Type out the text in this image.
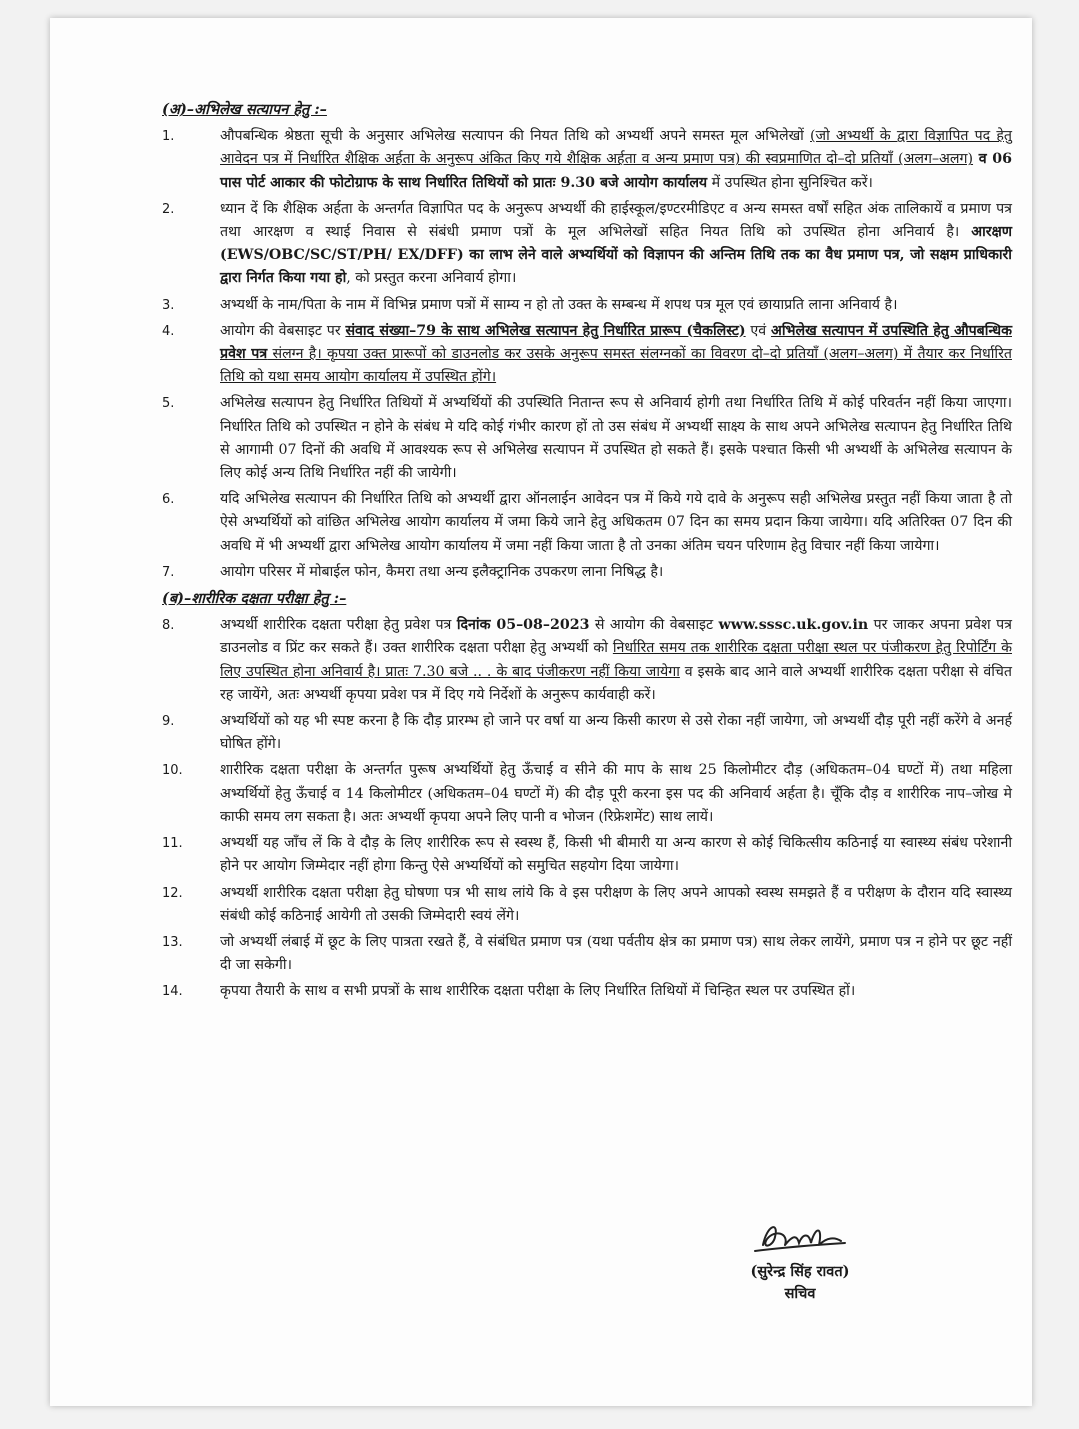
(अ)–अभिलेख सत्यापन हेतु :–
1.	औपबन्धिक श्रेष्ठता सूची के अनुसार अभिलेख सत्यापन की नियत तिथि को अभ्यर्थी अपने समस्त मूल अभिलेखों (जो अभ्यर्थी के द्वारा विज्ञापित पद हेतु आवेदन पत्र में निर्धारित शैक्षिक अर्हता के अनुरूप अंकित किए गये शैक्षिक अर्हता व अन्य प्रमाण पत्र) की स्वप्रमाणित दो–दो प्रतियाँ (अलग–अलग) व 06 पास पोर्ट आकार की फोटोग्राफ के साथ निर्धारित तिथियों को प्रातः 9.30 बजे आयोग कार्यालय में उपस्थित होना सुनिश्चित करें।
2.	ध्यान दें कि शैक्षिक अर्हता के अन्तर्गत विज्ञापित पद के अनुरूप अभ्यर्थी की हाईस्कूल/इण्टरमीडिएट व अन्य समस्त वर्षों सहित अंक तालिकायें व प्रमाण पत्र तथा आरक्षण व स्थाई निवास से संबंधी प्रमाण पत्रों के मूल अभिलेखों सहित नियत तिथि को उपस्थित होना अनिवार्य है। आरक्षण (EWS/OBC/SC/ST/PH/ EX/DFF) का लाभ लेने वाले अभ्यर्थियों को विज्ञापन की अन्तिम तिथि तक का वैध प्रमाण पत्र, जो सक्षम प्राधिकारी द्वारा निर्गत किया गया हो, को प्रस्तुत करना अनिवार्य होगा।
3.	अभ्यर्थी के नाम/पिता के नाम में विभिन्न प्रमाण पत्रों में साम्य न हो तो उक्त के सम्बन्ध में शपथ पत्र मूल एवं छायाप्रति लाना अनिवार्य है।
4.	आयोग की वेबसाइट पर संवाद संख्या–79 के साथ अभिलेख सत्यापन हेतु निर्धारित प्रारूप (चैकलिस्ट) एवं अभिलेख सत्यापन में उपस्थिति हेतु औपबन्धिक प्रवेश पत्र संलग्न है। कृपया उक्त प्रारूपों को डाउनलोड कर उसके अनुरूप समस्त संलग्नकों का विवरण दो–दो प्रतियाँ (अलग–अलग) में तैयार कर निर्धारित तिथि को यथा समय आयोग कार्यालय में उपस्थित होंगे।
5.	अभिलेख सत्यापन हेतु निर्धारित तिथियों में अभ्यर्थियों की उपस्थिति नितान्त रूप से अनिवार्य होगी तथा निर्धारित तिथि में कोई परिवर्तन नहीं किया जाएगा। निर्धारित तिथि को उपस्थित न होने के संबंध मे यदि कोई गंभीर कारण हों तो उस संबंध में अभ्यर्थी साक्ष्य के साथ अपने अभिलेख सत्यापन हेतु निर्धारित तिथि से आगामी 07 दिनों की अवधि में आवश्यक रूप से अभिलेख सत्यापन में उपस्थित हो सकते हैं। इसके पश्चात किसी भी अभ्यर्थी के अभिलेख सत्यापन के लिए कोई अन्य तिथि निर्धारित नहीं की जायेगी।
6.	यदि अभिलेख सत्यापन की निर्धारित तिथि को अभ्यर्थी द्वारा ऑनलाईन आवेदन पत्र में किये गये दावे के अनुरूप सही अभिलेख प्रस्तुत नहीं किया जाता है तो ऐसे अभ्यर्थियों को वांछित अभिलेख आयोग कार्यालय में जमा किये जाने हेतु अधिकतम 07 दिन का समय प्रदान किया जायेगा। यदि अतिरिक्त 07 दिन की अवधि में भी अभ्यर्थी द्वारा अभिलेख आयोग कार्यालय में जमा नहीं किया जाता है तो उनका अंतिम चयन परिणाम हेतु विचार नहीं किया जायेगा।
7.	आयोग परिसर में मोबाईल फोन, कैमरा तथा अन्य इलैक्ट्रानिक उपकरण लाना निषिद्ध है।
(ब)–शारीरिक दक्षता परीक्षा हेतु :–
8.	अभ्यर्थी शारीरिक दक्षता परीक्षा हेतु प्रवेश पत्र दिनांक 05–08–2023 से आयोग की वेबसाइट www.sssc.uk.gov.in पर जाकर अपना प्रवेश पत्र डाउनलोड व प्रिंट कर सकते हैं। उक्त शारीरिक दक्षता परीक्षा हेतु अभ्यर्थी को निर्धारित समय तक शारीरिक दक्षता परीक्षा स्थल पर पंजीकरण हेतु रिपोर्टिंग के लिए उपस्थित होना अनिवार्य है। प्रातः 7.30 बजे .. . के बाद पंजीकरण नहीं किया जायेगा व इसके बाद आने वाले अभ्यर्थी शारीरिक दक्षता परीक्षा से वंचित रह जायेंगे, अतः अभ्यर्थी कृपया प्रवेश पत्र में दिए गये निर्देशों के अनुरूप कार्यवाही करें।
9.	अभ्यर्थियों को यह भी स्पष्ट करना है कि दौड़ प्रारम्भ हो जाने पर वर्षा या अन्य किसी कारण से उसे रोका नहीं जायेगा, जो अभ्यर्थी दौड़ पूरी नहीं करेंगे वे अनर्ह घोषित होंगे।
10.	शारीरिक दक्षता परीक्षा के अन्तर्गत पुरूष अभ्यर्थियों हेतु ऊँचाई व सीने की माप के साथ 25 किलोमीटर दौड़ (अधिकतम–04 घण्टों में) तथा महिला अभ्यर्थियों हेतु ऊँचाई व 14 किलोमीटर (अधिकतम–04 घण्टों में) की दौड़ पूरी करना इस पद की अनिवार्य अर्हता है। चूँकि दौड़ व शारीरिक नाप–जोख मे काफी समय लग सकता है। अतः अभ्यर्थी कृपया अपने लिए पानी व भोजन (रिफ्रेशमेंट) साथ लायें।
11.	अभ्यर्थी यह जाँच लें कि वे दौड़ के लिए शारीरिक रूप से स्वस्थ हैं, किसी भी बीमारी या अन्य कारण से कोई चिकित्सीय कठिनाई या स्वास्थ्य संबंध परेशानी होने पर आयोग जिम्मेदार नहीं होगा किन्तु ऐसे अभ्यर्थियों को समुचित सहयोग दिया जायेगा।
12.	अभ्यर्थी शारीरिक दक्षता परीक्षा हेतु घोषणा पत्र भी साथ लांये कि वे इस परीक्षण के लिए अपने आपको स्वस्थ समझते हैं व परीक्षण के दौरान यदि स्वास्थ्य संबंधी कोई कठिनाई आयेगी तो उसकी जिम्मेदारी स्वयं लेंगे।
13.	जो अभ्यर्थी लंबाई में छूट के लिए पात्रता रखते हैं, वे संबंधित प्रमाण पत्र (यथा पर्वतीय क्षेत्र का प्रमाण पत्र) साथ लेकर लायेंगे, प्रमाण पत्र न होने पर छूट नहीं दी जा सकेगी।
14.	कृपया तैयारी के साथ व सभी प्रपत्रों के साथ शारीरिक दक्षता परीक्षा के लिए निर्धारित तिथियों में चिन्हित स्थल पर उपस्थित हों।
(सुरेन्द्र सिंह रावत)
सचिव
